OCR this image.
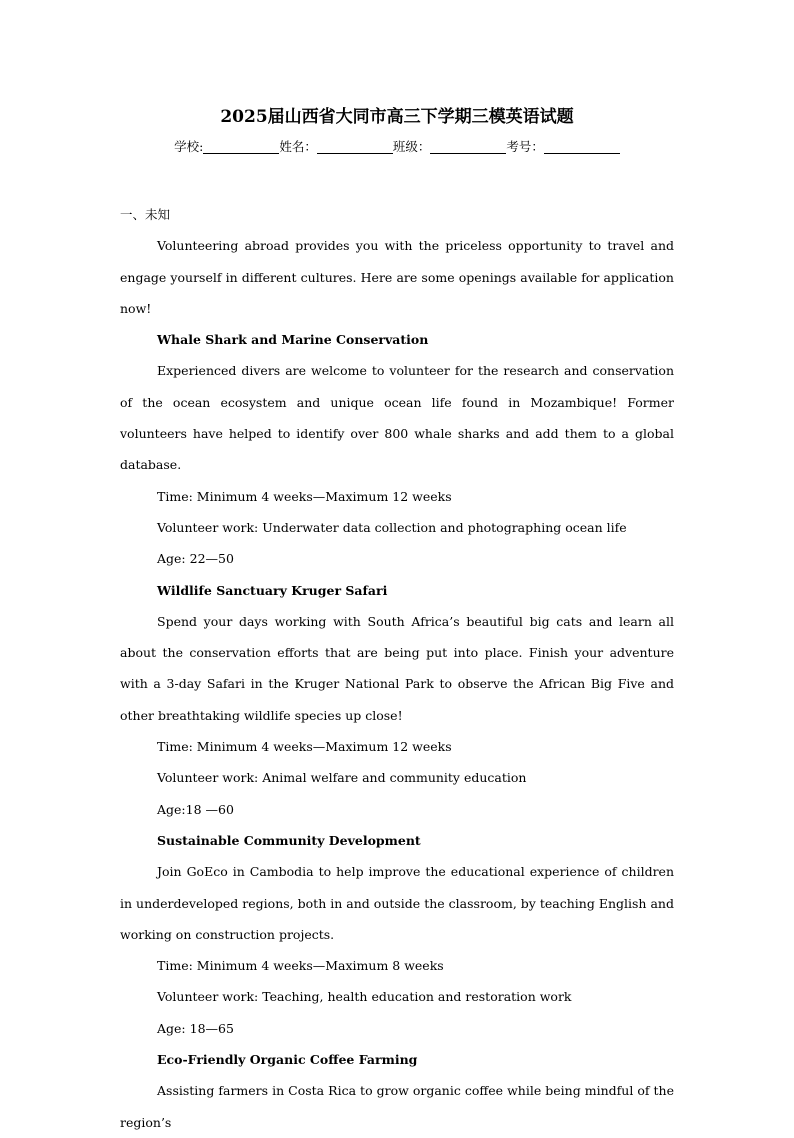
2025届山西省大同市高三下学期三模英语试题
学校:	姓名：	班级：	考号：

一、未知

Volunteering abroad provides you with the priceless opportunity to travel and engage yourself in different cultures. Here are some openings available for application now!

Whale Shark and Marine Conservation

Experienced divers are welcome to volunteer for the research and conservation of the ocean ecosystem and unique ocean life found in Mozambique! Former volunteers have helped to identify over 800 whale sharks and add them to a global database.

Time: Minimum 4 weeks—Maximum 12 weeks

Volunteer work: Underwater data collection and photographing ocean life

Age: 22—50

Wildlife Sanctuary Kruger Safari

Spend your days working with South Africa’s beautiful big cats and learn all about the conservation efforts that are being put into place. Finish your adventure with a 3-day Safari in the Kruger National Park to observe the African Big Five and other breathtaking wildlife species up close!

Time: Minimum 4 weeks—Maximum 12 weeks

Volunteer work: Animal welfare and community education

Age:18 —60

Sustainable Community Development

Join GoEco in Cambodia to help improve the educational experience of children in underdeveloped regions, both in and outside the classroom, by teaching English and working on construction projects.

Time: Minimum 4 weeks—Maximum 8 weeks

Volunteer work: Teaching, health education and restoration work

Age: 18—65

Eco-Friendly Organic Coffee Farming

Assisting farmers in Costa Rica to grow organic coffee while being mindful of the region’s
